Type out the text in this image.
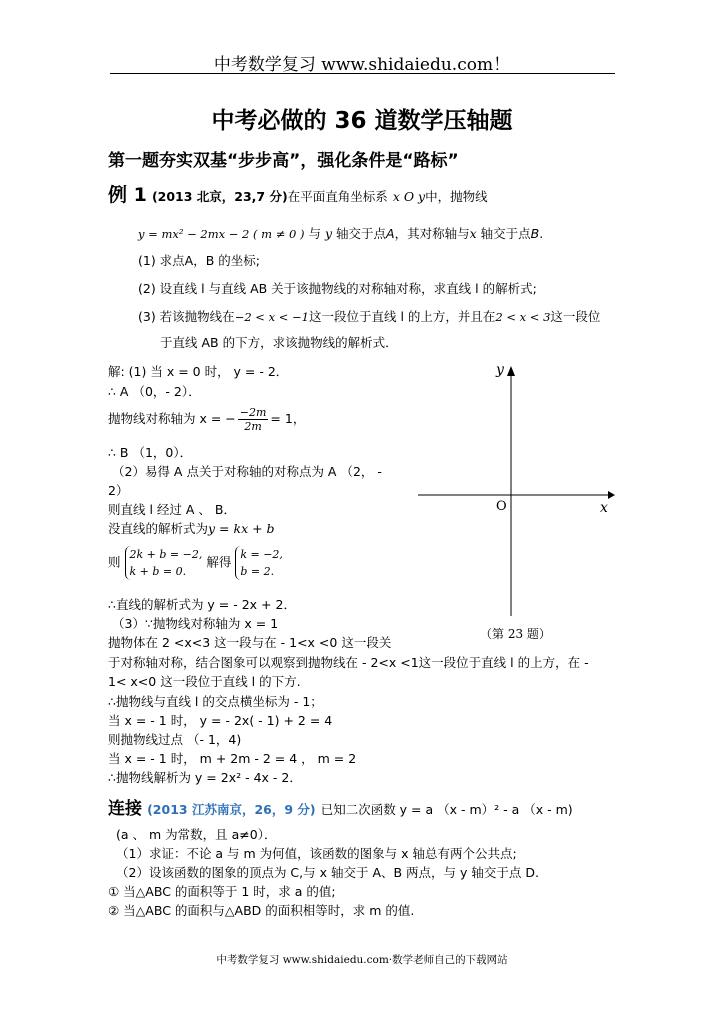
中考数学复习 www.shidaiedu.com！
中考必做的 36 道数学压轴题
第一题夯实双基“步步高”，强化条件是“路标”
例 1 (2013 北京，23,7 分)在平面直角坐标系 x O y中，抛物线
y = mx² − 2mx − 2 ( m ≠ 0 ) 与 y 轴交于点A，其对称轴与x 轴交于点B.
(1) 求点A，B 的坐标;
(2) 设直线 l 与直线 AB 关于该抛物线的对称轴对称，求直线 l 的解析式;
(3) 若该抛物线在−2 < x < −1这一段位于直线 l 的上方，并且在2 < x < 3这一段位
于直线 AB 的下方，求该抛物线的解析式．
解: (1) 当 x = 0 时， y = - 2．
∴ A （0，- 2）．
抛物线对称轴为 x = − $\frac{-2m}{2m} = 1$，
∴ B （1，0）．
（2）易得 A 点关于对称轴的对称点为 A （2， -
2）
则直线 l 经过 A 、 B．
没直线的解析式为y = kx + b
则 2k + b = −2,
k + b = 0.
解得 k = −2,
b = 2.
∴直线的解析式为 y = - 2x + 2．
（3）∵抛物线对称轴为 x = 1
抛物体在 2 <x<3 这一段与在 - 1<x <0 这一段关
于对称轴对称，结合图象可以观察到抛物线在 - 2<x <1这一段位于直线 l 的上方，在 -
1< x<0 这一段位于直线 l 的下方.
∴抛物线与直线 l 的交点横坐标为 - 1；
当 x = - 1 时， y = - 2x( - 1) + 2 = 4
则抛物线过点 （- 1，4)
当 x = - 1 时， m + 2m - 2 = 4 ， m = 2
∴抛物线解析为 y = 2x² - 4x - 2．
y
x
O
（第 23 题）
连接 (2013 江苏南京，26，9 分) 已知二次函数 y = a （x - m）² - a （x - m)
(a 、 m 为常数，且 a≠0）．
（1）求证：不论 a 与 m 为何值，该函数的图象与 x 轴总有两个公共点;
（2）设该函数的图象的顶点为 C,与 x 轴交于 A、B 两点，与 y 轴交于点 D.
① 当△ABC 的面积等于 1 时，求 a 的值;
② 当△ABC 的面积与△ABD 的面积相等时，求 m 的值.
中考数学复习 www.shidaiedu.com·数学老师自己的下载网站
